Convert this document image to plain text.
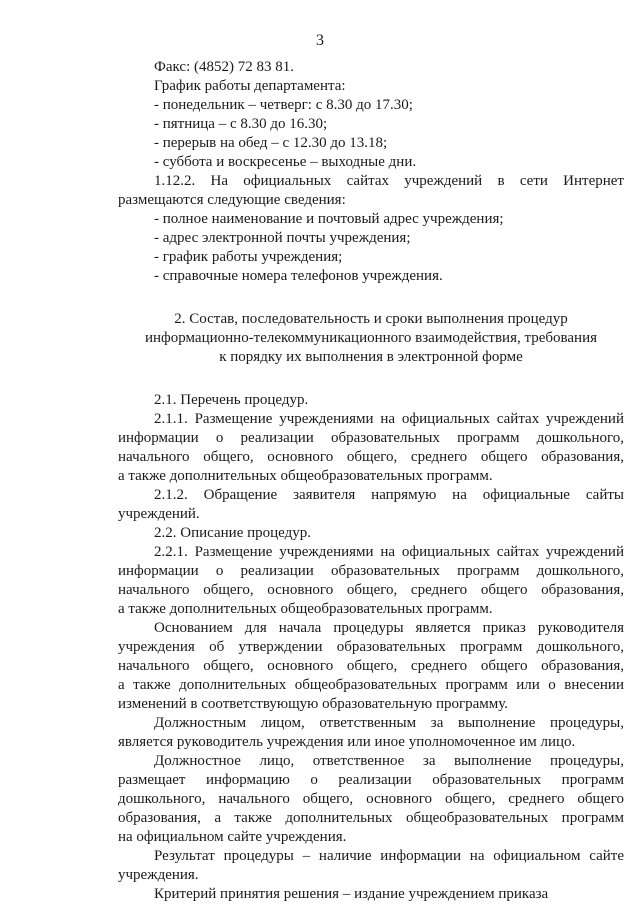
3
Факс: (4852) 72 83 81.
График работы департамента:
- понедельник – четверг: с 8.30 до 17.30;
- пятница – с 8.30 до 16.30;
- перерыв на обед – с 12.30 до 13.18;
- суббота и воскресенье – выходные дни.
1.12.2. На официальных сайтах учреждений в сети Интернет
размещаются следующие сведения:
- полное наименование и почтовый адрес учреждения;
- адрес электронной почты учреждения;
- график работы учреждения;
- справочные номера телефонов учреждения.
2. Состав, последовательность и сроки выполнения процедур
информационно-телекоммуникационного взаимодействия, требования
к порядку их выполнения в электронной форме
2.1. Перечень процедур.
2.1.1. Размещение учреждениями на официальных сайтах учреждений
информации о реализации образовательных программ дошкольного,
начального общего, основного общего, среднего общего образования,
а также дополнительных общеобразовательных программ.
2.1.2. Обращение заявителя напрямую на официальные сайты
учреждений.
2.2. Описание процедур.
2.2.1. Размещение учреждениями на официальных сайтах учреждений
информации о реализации образовательных программ дошкольного,
начального общего, основного общего, среднего общего образования,
а также дополнительных общеобразовательных программ.
Основанием для начала процедуры является приказ руководителя
учреждения об утверждении образовательных программ дошкольного,
начального общего, основного общего, среднего общего образования,
а также дополнительных общеобразовательных программ или о внесении
изменений в соответствующую образовательную программу.
Должностным лицом, ответственным за выполнение процедуры,
является руководитель учреждения или иное уполномоченное им лицо.
Должностное лицо, ответственное за выполнение процедуры,
размещает информацию о реализации образовательных программ
дошкольного, начального общего, основного общего, среднего общего
образования, а также дополнительных общеобразовательных программ
на официальном сайте учреждения.
Результат процедуры – наличие информации на официальном сайте
учреждения.
Критерий принятия решения – издание учреждением приказа
